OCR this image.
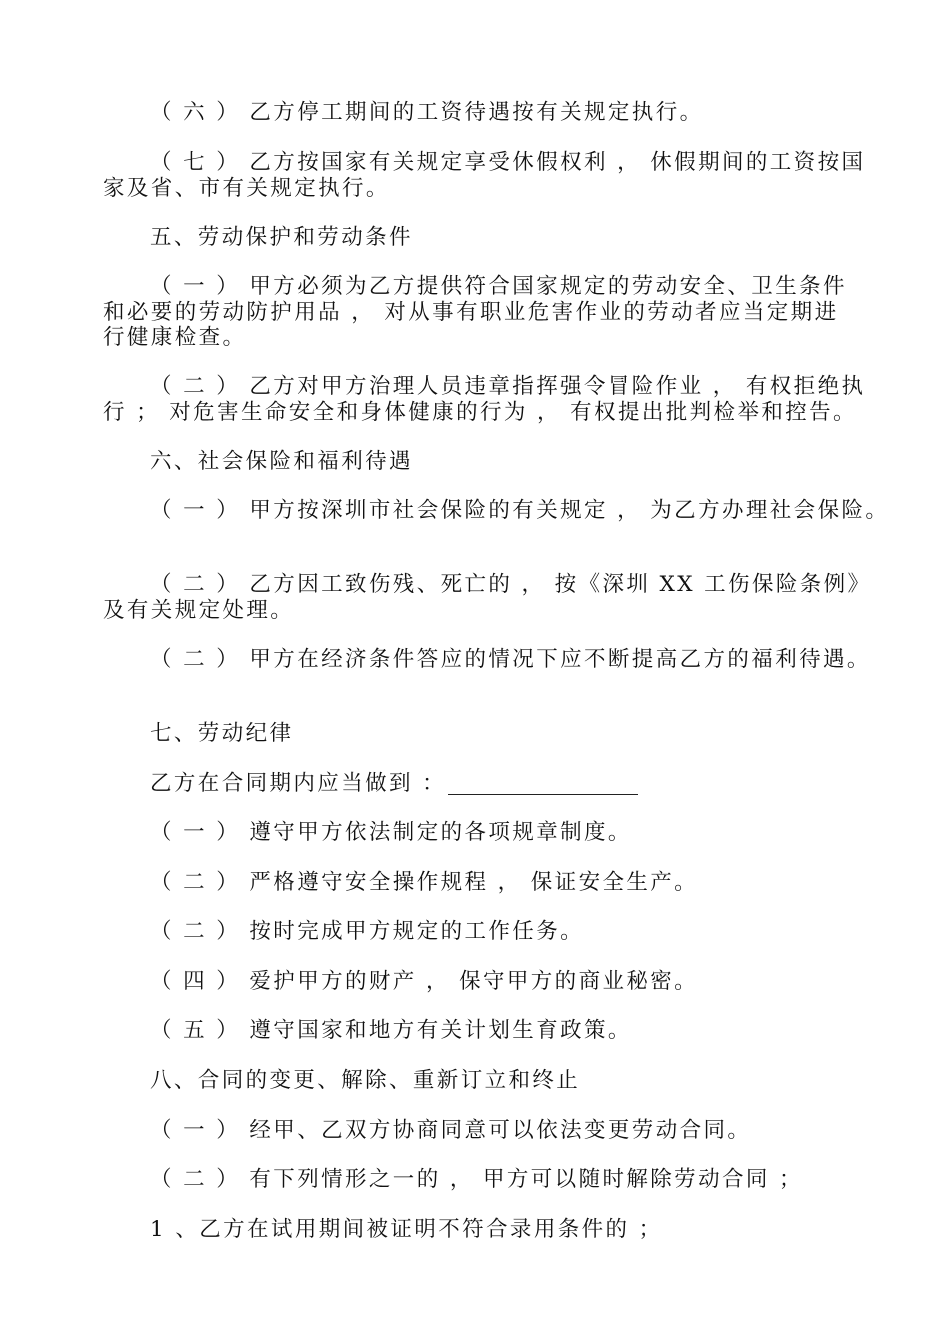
（ 六 ） 乙方停工期间的工资待遇按有关规定执行。
（ 七 ） 乙方按国家有关规定享受休假权利 ， 休假期间的工资按国
家及省、市有关规定执行。
五、劳动保护和劳动条件
（ 一 ） 甲方必须为乙方提供符合国家规定的劳动安全、卫生条件
和必要的劳动防护用品 ， 对从事有职业危害作业的劳动者应当定期进
行健康检查。
（ 二 ） 乙方对甲方治理人员违章指挥强令冒险作业 ， 有权拒绝执
行 ； 对危害生命安全和身体健康的行为 ， 有权提出批判检举和控告。
六、社会保险和福利待遇
（ 一 ） 甲方按深圳市社会保险的有关规定 ， 为乙方办理社会保险。
（ 二 ） 乙方因工致伤残、死亡的 ， 按《深圳 XX 工伤保险条例》
及有关规定处理。
（ 二 ） 甲方在经济条件答应的情况下应不断提高乙方的福利待遇。
七、劳动纪律
乙方在合同期内应当做到 ：
（ 一 ） 遵守甲方依法制定的各项规章制度。
（ 二 ） 严格遵守安全操作规程 ， 保证安全生产。
（ 二 ） 按时完成甲方规定的工作任务。
（ 四 ） 爱护甲方的财产 ， 保守甲方的商业秘密。
（ 五 ） 遵守国家和地方有关计划生育政策。
八、合同的变更、解除、重新订立和终止
（ 一 ） 经甲、乙双方协商同意可以依法变更劳动合同。
（ 二 ） 有下列情形之一的 ， 甲方可以随时解除劳动合同 ；
1 、乙方在试用期间被证明不符合录用条件的 ；
